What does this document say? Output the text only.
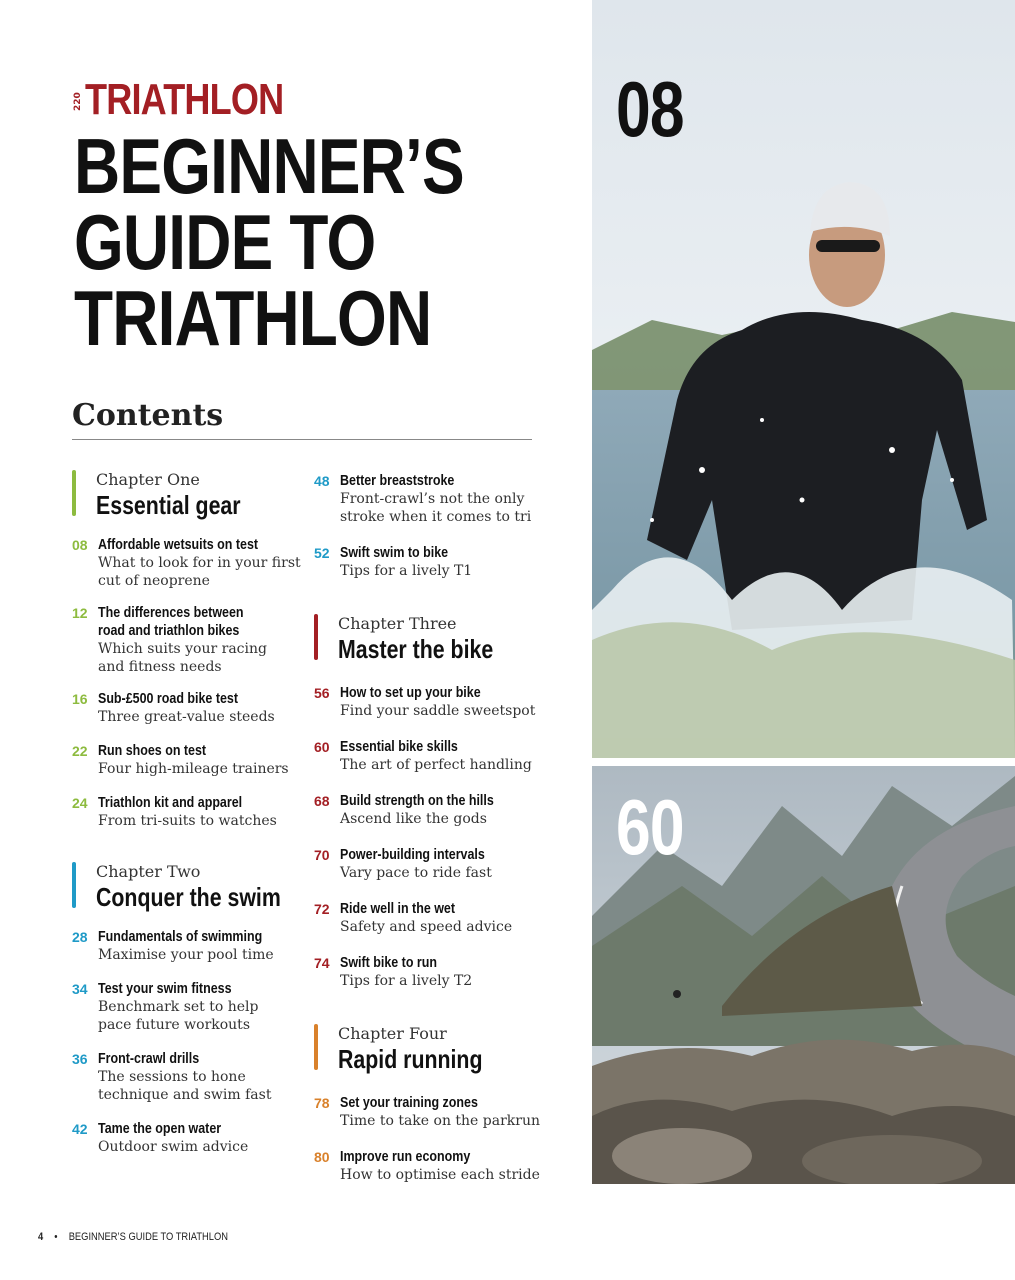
220 TRIATHLON
BEGINNER’S
GUIDE TO
TRIATHLON
Contents
Chapter One
Essential gear
08 Affordable wetsuits on test
What to look for in your first
cut of neoprene
12 The differences between
road and triathlon bikes
Which suits your racing
and fitness needs
16 Sub-£500 road bike test
Three great-value steeds
22 Run shoes on test
Four high-mileage trainers
24 Triathlon kit and apparel
From tri-suits to watches
Chapter Two
Conquer the swim
28 Fundamentals of swimming
Maximise your pool time
34 Test your swim fitness
Benchmark set to help
pace future workouts
36 Front-crawl drills
The sessions to hone
technique and swim fast
42 Tame the open water
Outdoor swim advice
48 Better breaststroke
Front-crawl’s not the only
stroke when it comes to tri
52 Swift swim to bike
Tips for a lively T1
Chapter Three
Master the bike
56 How to set up your bike
Find your saddle sweetspot
60 Essential bike skills
The art of perfect handling
68 Build strength on the hills
Ascend like the gods
70 Power-building intervals
Vary pace to ride fast
72 Ride well in the wet
Safety and speed advice
74 Swift bike to run
Tips for a lively T2
Chapter Four
Rapid running
78 Set your training zones
Time to take on the parkrun
80 Improve run economy
How to optimise each stride
08
60
4 • BEGINNER’S GUIDE TO TRIATHLON
